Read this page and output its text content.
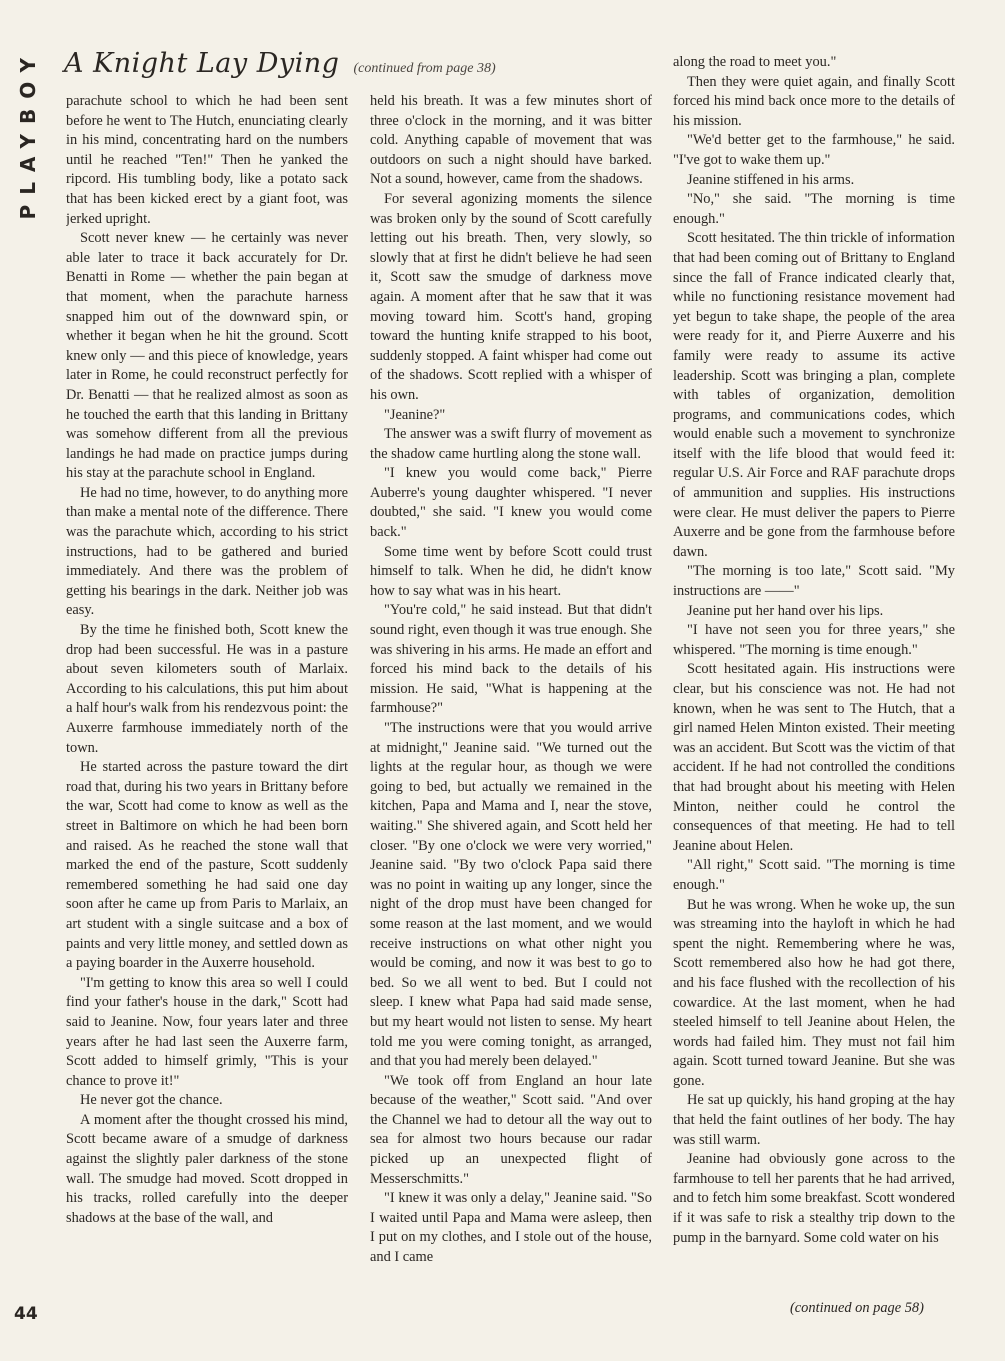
PLAYBOY A Knight Lay Dying (continued from page 38)

parachute school to which he had been sent before he went to The Hutch, enunciating clearly in his mind, concentrating hard on the numbers until he reached "Ten!" Then he yanked the ripcord. His tumbling body, like a potato sack that has been kicked erect by a giant foot, was jerked upright.

Scott never knew — he certainly was never able later to trace it back accurately for Dr. Benatti in Rome — whether the pain began at that moment, when the parachute harness snapped him out of the downward spin, or whether it began when he hit the ground. Scott knew only — and this piece of knowledge, years later in Rome, he could reconstruct perfectly for Dr. Benatti — that he realized almost as soon as he touched the earth that this landing in Brittany was somehow different from all the previous landings he had made on practice jumps during his stay at the parachute school in England.

He had no time, however, to do anything more than make a mental note of the difference. There was the parachute which, according to his strict instructions, had to be gathered and buried immediately. And there was the problem of getting his bearings in the dark. Neither job was easy.

By the time he finished both, Scott knew the drop had been successful. He was in a pasture about seven kilometers south of Marlaix. According to his calculations, this put him about a half hour's walk from his rendezvous point: the Auxerre farmhouse immediately north of the town.

He started across the pasture toward the dirt road that, during his two years in Brittany before the war, Scott had come to know as well as the street in Baltimore on which he had been born and raised. As he reached the stone wall that marked the end of the pasture, Scott suddenly remembered something he had said one day soon after he came up from Paris to Marlaix, an art student with a single suitcase and a box of paints and very little money, and settled down as a paying boarder in the Auxerre household.

"I'm getting to know this area so well I could find your father's house in the dark," Scott had said to Jeanine. Now, four years later and three years after he had last seen the Auxerre farm, Scott added to himself grimly, "This is your chance to prove it!"

He never got the chance.

A moment after the thought crossed his mind, Scott became aware of a smudge of darkness against the slightly paler darkness of the stone wall. The smudge had moved. Scott dropped in his tracks, rolled carefully into the deeper shadows at the base of the wall, and

held his breath. It was a few minutes short of three o'clock in the morning, and it was bitter cold. Anything capable of movement that was outdoors on such a night should have barked. Not a sound, however, came from the shadows.

For several agonizing moments the silence was broken only by the sound of Scott carefully letting out his breath. Then, very slowly, so slowly that at first he didn't believe he had seen it, Scott saw the smudge of darkness move again. A moment after that he saw that it was moving toward him. Scott's hand, groping toward the hunting knife strapped to his boot, suddenly stopped. A faint whisper had come out of the shadows. Scott replied with a whisper of his own.

"Jeanine?"

The answer was a swift flurry of movement as the shadow came hurtling along the stone wall.

"I knew you would come back," Pierre Auberre's young daughter whispered. "I never doubted," she said. "I knew you would come back."

Some time went by before Scott could trust himself to talk. When he did, he didn't know how to say what was in his heart.

"You're cold," he said instead. But that didn't sound right, even though it was true enough. She was shivering in his arms. He made an effort and forced his mind back to the details of his mission. He said, "What is happening at the farmhouse?"

"The instructions were that you would arrive at midnight," Jeanine said. "We turned out the lights at the regular hour, as though we were going to bed, but actually we remained in the kitchen, Papa and Mama and I, near the stove, waiting." She shivered again, and Scott held her closer. "By one o'clock we were very worried," Jeanine said. "By two o'clock Papa said there was no point in waiting up any longer, since the night of the drop must have been changed for some reason at the last moment, and we would receive instructions on what other night you would be coming, and now it was best to go to bed. So we all went to bed. But I could not sleep. I knew what Papa had said made sense, but my heart would not listen to sense. My heart told me you were coming tonight, as arranged, and that you had merely been delayed."

"We took off from England an hour late because of the weather," Scott said. "And over the Channel we had to detour all the way out to sea for almost two hours because our radar picked up an unexpected flight of Messerschmitts."

"I knew it was only a delay," Jeanine said. "So I waited until Papa and Mama were asleep, then I put on my clothes, and I stole out of the house, and I came

along the road to meet you."

Then they were quiet again, and finally Scott forced his mind back once more to the details of his mission.

"We'd better get to the farmhouse," he said. "I've got to wake them up."

Jeanine stiffened in his arms.

"No," she said. "The morning is time enough."

Scott hesitated. The thin trickle of information that had been coming out of Brittany to England since the fall of France indicated clearly that, while no functioning resistance movement had yet begun to take shape, the people of the area were ready for it, and Pierre Auxerre and his family were ready to assume its active leadership. Scott was bringing a plan, complete with tables of organization, demolition programs, and communications codes, which would enable such a movement to synchronize itself with the life blood that would feed it: regular U.S. Air Force and RAF parachute drops of ammunition and supplies. His instructions were clear. He must deliver the papers to Pierre Auxerre and be gone from the farmhouse before dawn.

"The morning is too late," Scott said. "My instructions are ——"

Jeanine put her hand over his lips.

"I have not seen you for three years," she whispered. "The morning is time enough."

Scott hesitated again. His instructions were clear, but his conscience was not. He had not known, when he was sent to The Hutch, that a girl named Helen Minton existed. Their meeting was an accident. But Scott was the victim of that accident. If he had not controlled the conditions that had brought about his meeting with Helen Minton, neither could he control the consequences of that meeting. He had to tell Jeanine about Helen.

"All right," Scott said. "The morning is time enough."

But he was wrong. When he woke up, the sun was streaming into the hayloft in which he had spent the night. Remembering where he was, Scott remembered also how he had got there, and his face flushed with the recollection of his cowardice. At the last moment, when he had steeled himself to tell Jeanine about Helen, the words had failed him. They must not fail him again. Scott turned toward Jeanine. But she was gone.

He sat up quickly, his hand groping at the hay that held the faint outlines of her body. The hay was still warm.

Jeanine had obviously gone across to the farmhouse to tell her parents that he had arrived, and to fetch him some breakfast. Scott wondered if it was safe to risk a stealthy trip down to the pump in the barnyard. Some cold water on his

(continued on page 58)
44
